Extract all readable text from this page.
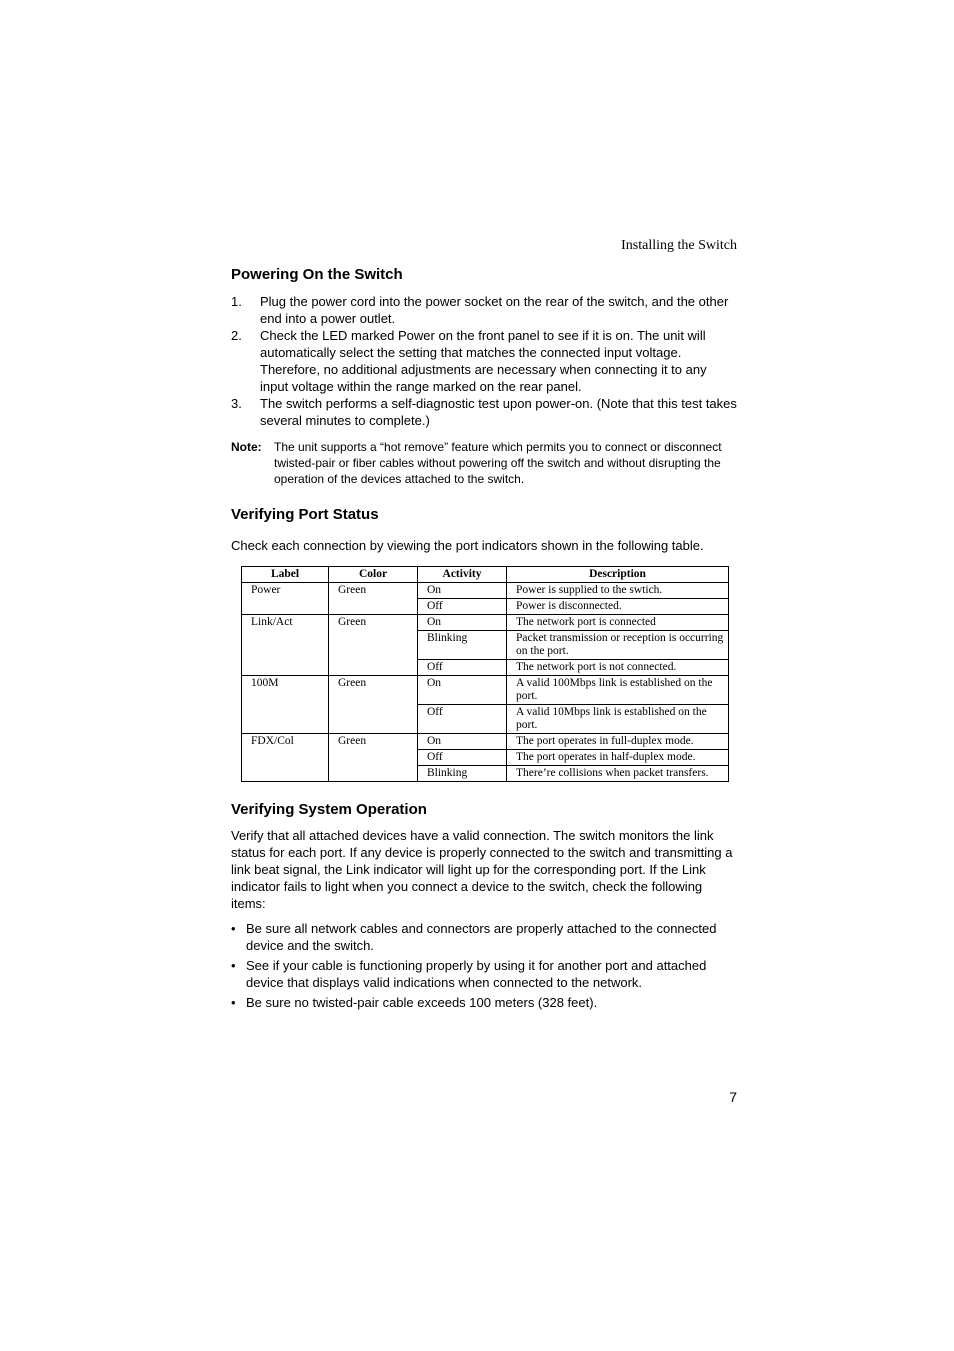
Installing the Switch
Powering On the Switch
1. Plug the power cord into the power socket on the rear of the switch, and the other end into a power outlet.
2. Check the LED marked Power on the front panel to see if it is on. The unit will automatically select the setting that matches the connected input voltage. Therefore, no additional adjustments are necessary when connecting it to any input voltage within the range marked on the rear panel.
3. The switch performs a self-diagnostic test upon power-on. (Note that this test takes several minutes to complete.)
Note:	The unit supports a “hot remove” feature which permits you to connect or disconnect twisted-pair or fiber cables without powering off the switch and without disrupting the operation of the devices attached to the switch.
Verifying Port Status

Check each connection by viewing the port indicators shown in the following table.

Label	Color	Activity	Description
Power	Green	On	Power is supplied to the swtich.
		Off	Power is disconnected.
Link/Act	Green	On	The network port is connected
		Blinking	Packet transmission or reception is occurring on the port.
		Off	The network port is not connected.
100M	Green	On	A valid 100Mbps link is established on the port.
		Off	A valid 10Mbps link is established on the port.
FDX/Col	Green	On	The port operates in full-duplex mode.
		Off	The port operates in half-duplex mode.
		Blinking	There’re collisions when packet transfers.
Verifying System Operation

Verify that all attached devices have a valid connection. The switch monitors the link status for each port. If any device is properly connected to the switch and transmitting a link beat signal, the Link indicator will light up for the corresponding port. If the Link indicator fails to light when you connect a device to the switch, check the following items:

• Be sure all network cables and connectors are properly attached to the connected device and the switch.
• See if your cable is functioning properly by using it for another port and attached device that displays valid indications when connected to the network.
• Be sure no twisted-pair cable exceeds 100 meters (328 feet).
7
